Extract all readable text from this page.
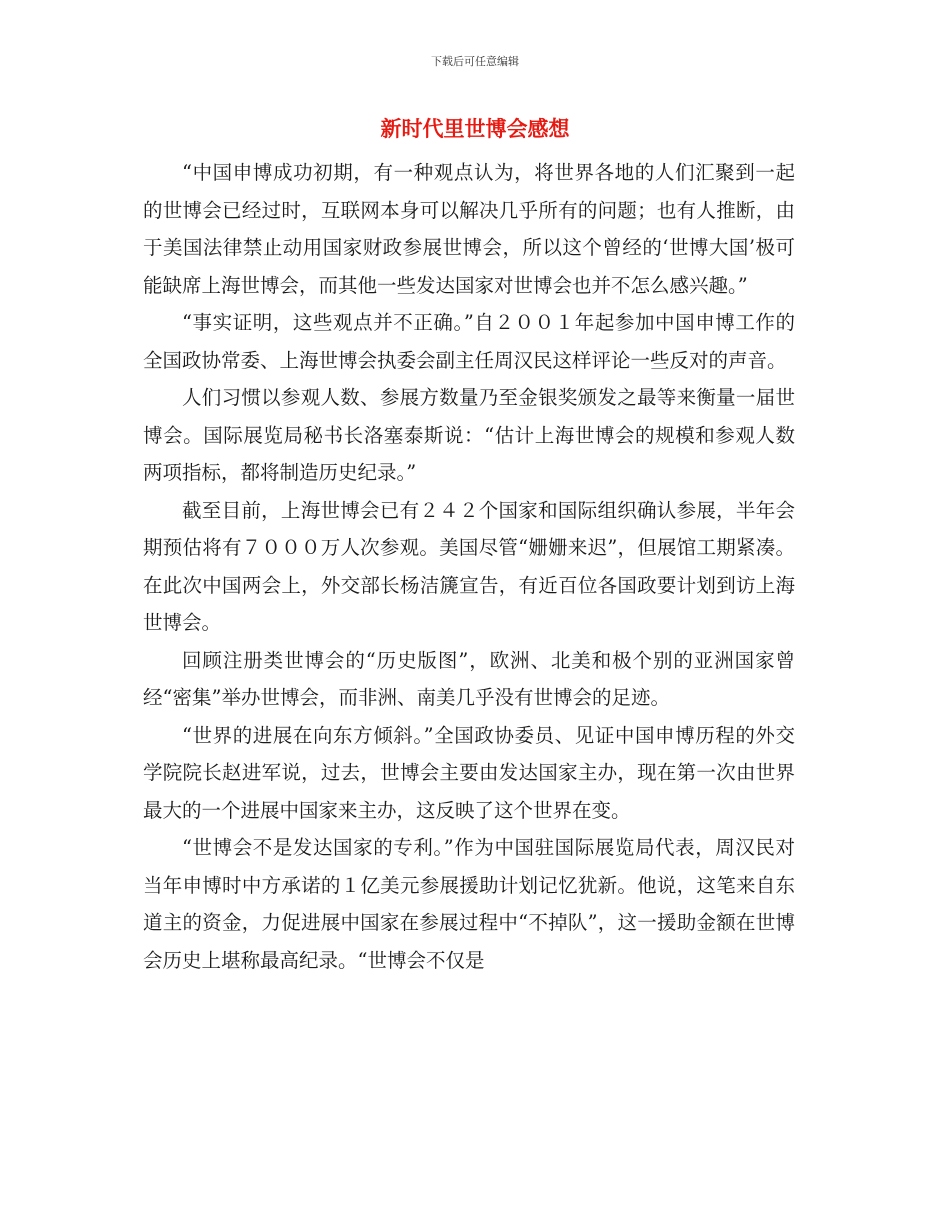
下载后可任意编辑
新时代里世博会感想

“中国申博成功初期，有一种观点认为，将世界各地的人们汇聚到一起的世博会已经过时，互联网本身可以解决几乎所有的问题；也有人推断，由于美国法律禁止动用国家财政参展世博会，所以这个曾经的‘世博大国’极可能缺席上海世博会，而其他一些发达国家对世博会也并不怎么感兴趣。”

“事实证明，这些观点并不正确。”自２００１年起参加中国申博工作的全国政协常委、上海世博会执委会副主任周汉民这样评论一些反对的声音。

人们习惯以参观人数、参展方数量乃至金银奖颁发之最等来衡量一届世博会。国际展览局秘书长洛塞泰斯说：“估计上海世博会的规模和参观人数两项指标，都将制造历史纪录。”

截至目前，上海世博会已有２４２个国家和国际组织确认参展，半年会期预估将有７０００万人次参观。美国尽管“姗姗来迟”，但展馆工期紧凑。在此次中国两会上，外交部长杨洁篪宣告，有近百位各国政要计划到访上海世博会。

回顾注册类世博会的“历史版图”，欧洲、北美和极个别的亚洲国家曾经“密集”举办世博会，而非洲、南美几乎没有世博会的足迹。

“世界的进展在向东方倾斜。”全国政协委员、见证中国申博历程的外交学院院长赵进军说，过去，世博会主要由发达国家主办，现在第一次由世界最大的一个进展中国家来主办，这反映了这个世界在变。

“世博会不是发达国家的专利。”作为中国驻国际展览局代表，周汉民对当年申博时中方承诺的１亿美元参展援助计划记忆犹新。他说，这笔来自东道主的资金，力促进展中国家在参展过程中“不掉队”，这一援助金额在世博会历史上堪称最高纪录。“世博会不仅是
